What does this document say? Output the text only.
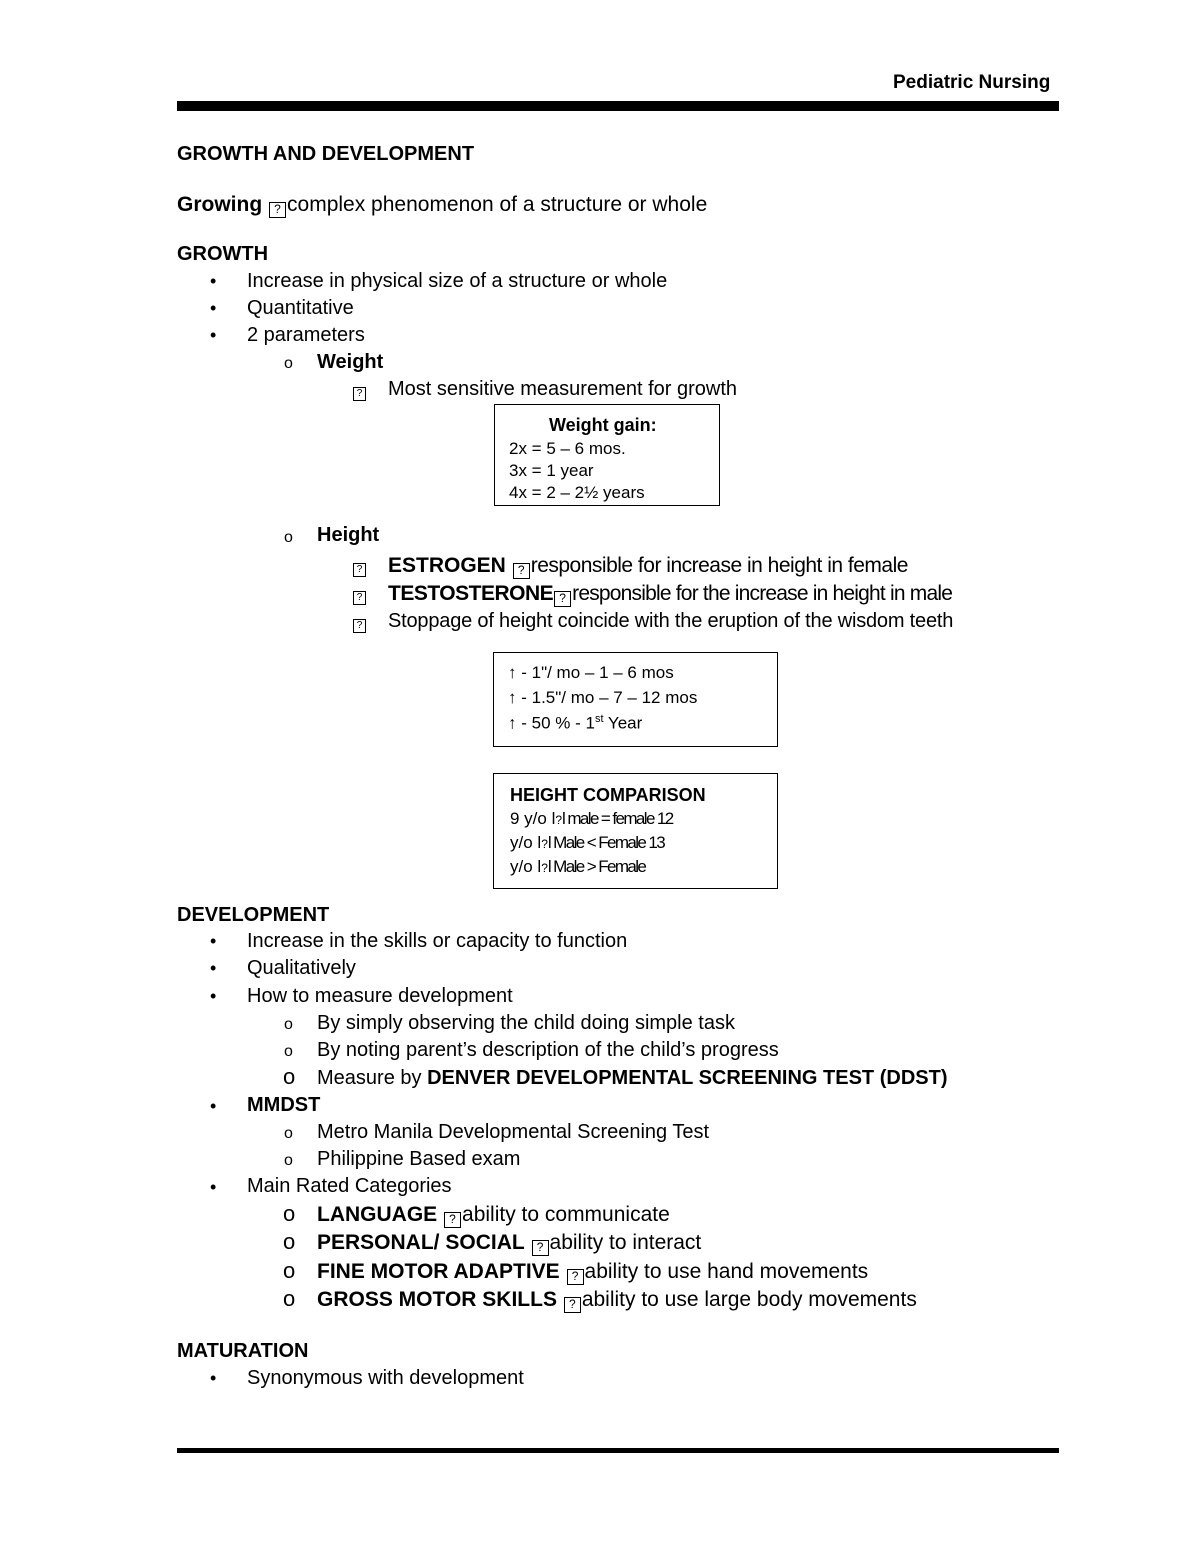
Pediatric Nursing
GROWTH AND DEVELOPMENT
Growing ? complex phenomenon of a structure or whole
GROWTH
• Increase in physical size of a structure or whole
• Quantitative
• 2 parameters
o Weight
? Most sensitive measurement for growth
Weight gain:
2x = 5 – 6 mos.
3x = 1 year
4x = 2 – 2½ years
o Height
? ESTROGEN ? responsible for increase in height in female
? TESTOSTERONE ? responsible for the increase in height in male
? Stoppage of height coincide with the eruption of the wisdom teeth
↑ - 1"/ mo – 1 – 6 mos
↑ - 1.5"/ mo – 7 – 12 mos
↑ - 50 % - 1st Year
HEIGHT COMPARISON
9 y/o l?l male = female 12
y/o l?l Male < Female 13
y/o l?l Male > Female
DEVELOPMENT
• Increase in the skills or capacity to function
• Qualitatively
• How to measure development
o By simply observing the child doing simple task
o By noting parent’s description of the child’s progress
o Measure by DENVER DEVELOPMENTAL SCREENING TEST (DDST)
• MMDST
o Metro Manila Developmental Screening Test
o Philippine Based exam
• Main Rated Categories
o LANGUAGE ? ability to communicate
o PERSONAL/ SOCIAL ? ability to interact
o FINE MOTOR ADAPTIVE ? ability to use hand movements
o GROSS MOTOR SKILLS ? ability to use large body movements
MATURATION
• Synonymous with development
